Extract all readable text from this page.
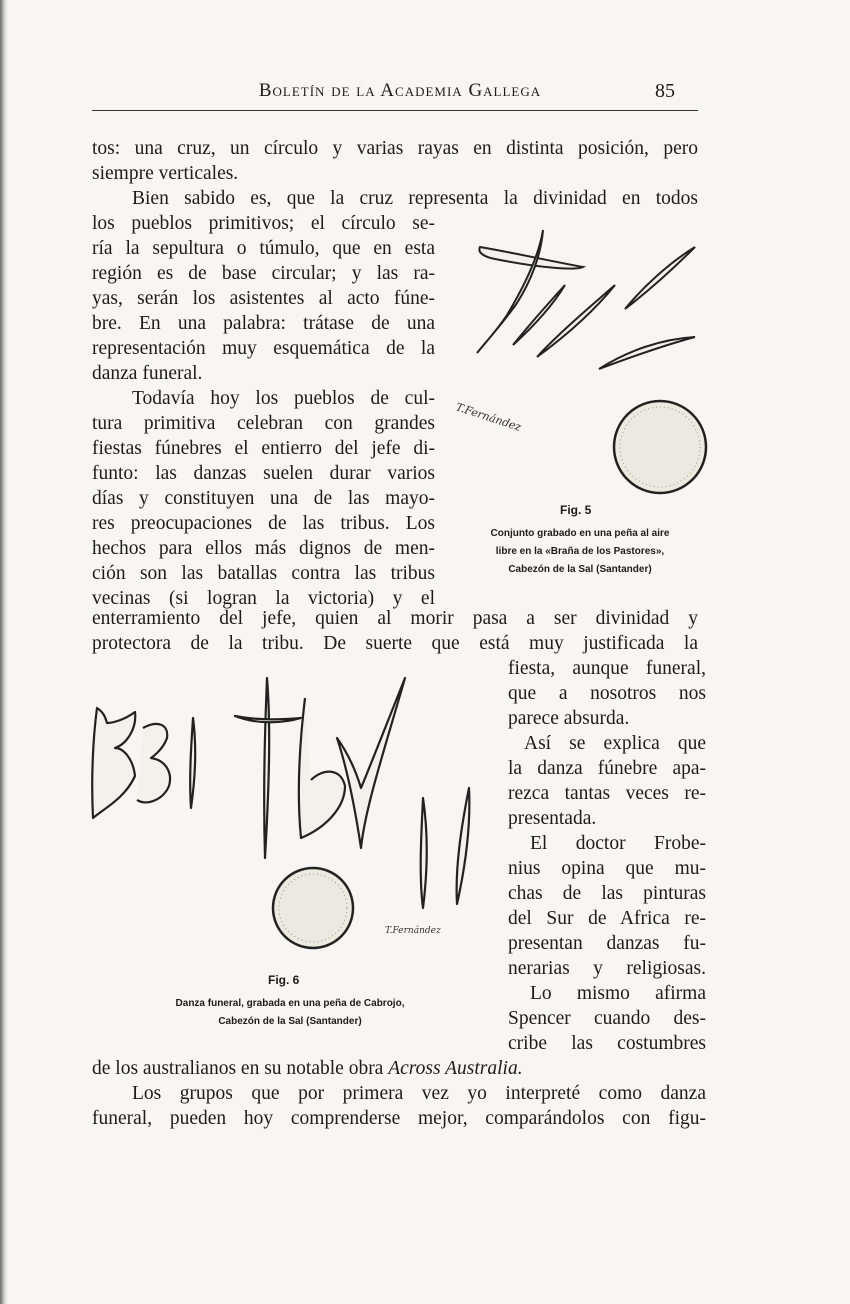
Boletín de la Academia Gallega	85
tos: una cruz, un círculo y varias rayas en distinta posición, pero
siempre verticales.
Bien sabido es, que la cruz representa la divinidad en todos
los pueblos primitivos; el círculo se-
ría la sepultura o túmulo, que en esta
región es de base circular; y las ra-
yas, serán los asistentes al acto fúne-
bre. En una palabra: trátase de una
representación muy esquemática de la
danza funeral.
Todavía hoy los pueblos de cul-
tura primitiva celebran con grandes
fiestas fúnebres el entierro del jefe di-
funto: las danzas suelen durar varios
días y constituyen una de las mayo-
res preocupaciones de las tribus. Los
hechos para ellos más dignos de men-
ción son las batallas contra las tribus
vecinas (si logran la victoria) y el
T.Fernández
Fig. 5
Conjunto grabado en una peña al aire
libre en la «Braña de los Pastores»,
Cabezón de la Sal (Santander)
enterramiento del jefe, quien al morir pasa a ser divinidad y
protectora de la tribu. De suerte que está muy justificada la
T.Fernández
Fig. 6
Danza funeral, grabada en una peña de Cabrojo,
Cabezón de la Sal (Santander)
fiesta, aunque funeral,
que a nosotros nos
parece absurda.
Así se explica que
la danza fúnebre apa-
rezca tantas veces re-
presentada.
El doctor Frobe-
nius opina que mu-
chas de las pinturas
del Sur de Africa re-
presentan danzas fu-
nerarias y religiosas.
Lo mismo afirma
Spencer cuando des-
cribe las costumbres
de los australianos en su notable obra Across Australia.
Los grupos que por primera vez yo interpreté como danza
funeral, pueden hoy comprenderse mejor, comparándolos con figu-
